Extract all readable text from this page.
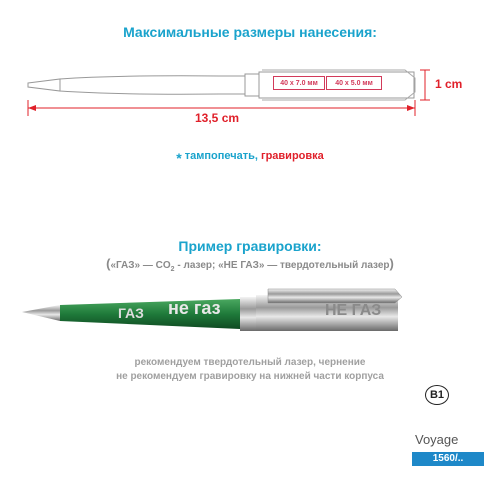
Максимальные размеры нанесения:
40 x 7.0 мм	40 x 5.0 мм	1 cm
13,5 cm
* тампопечать, гравировка
Пример гравировки:
(«ГАЗ» — $CO_2$ - лазер; «НЕ ГАЗ» — твердотельный лазер)
ГАЗ не газ	НЕ ГАЗ
рекомендуем твердотельный лазер, чернение
не рекомендуем гравировку на нижней части корпуса
B1
Voyage
1560/..
